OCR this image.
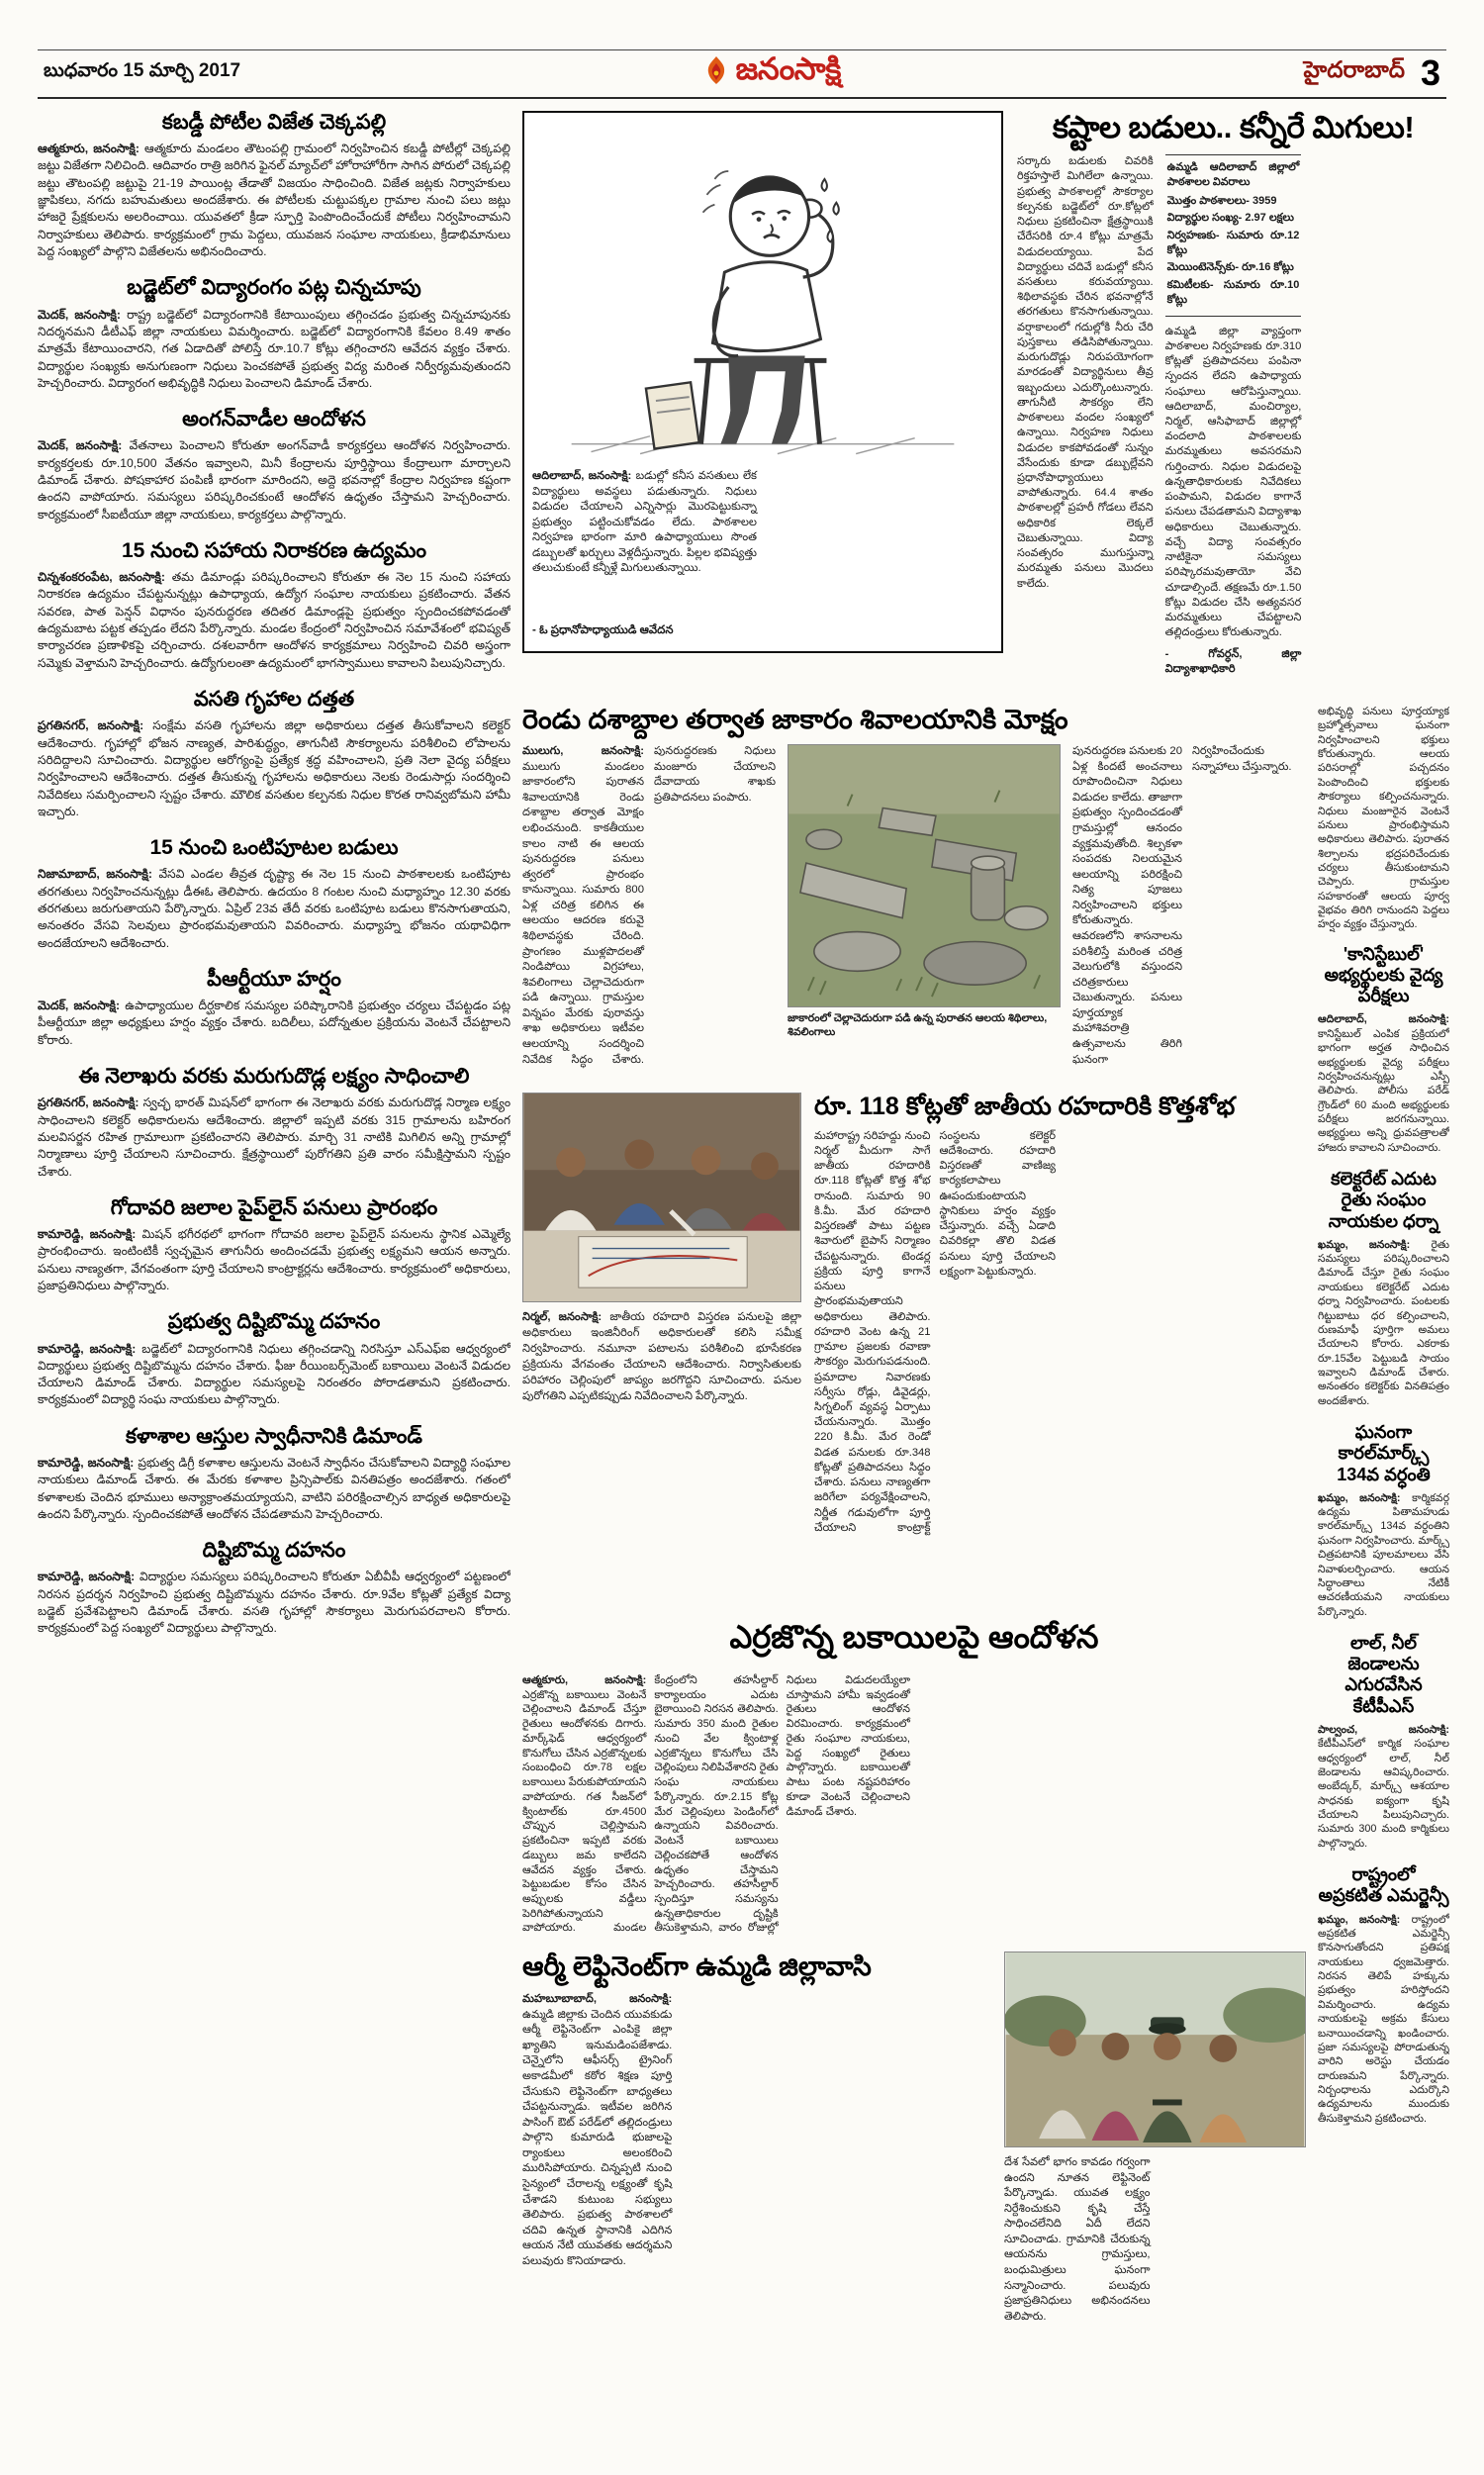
బుధవారం 15 మార్చి 2017	జనంసాక్షి	హైదరాబాద్ 3
కబడ్డీ పోటీల విజేత చెక్కపల్లి

ఆత్మకూరు, జనంసాక్షి: ఆత్మకూరు మండలం తౌటంపల్లి గ్రామంలో నిర్వహించిన కబడ్డీ పోటీల్లో చెక్కపల్లి జట్టు విజేతగా నిలిచింది. ఆదివారం రాత్రి జరిగిన ఫైనల్ మ్యాచ్‌లో హోరాహోరీగా సాగిన పోరులో చెక్కపల్లి జట్టు తౌటంపల్లి జట్టుపై 21-19 పాయింట్ల తేడాతో విజయం సాధించింది. విజేత జట్లకు నిర్వాహకులు జ్ఞాపికలు, నగదు బహుమతులు అందజేశారు. ఈ పోటీలకు చుట్టుపక్కల గ్రామాల నుంచి పలు జట్లు హాజరై ప్రేక్షకులను అలరించాయి. యువతలో క్రీడా స్ఫూర్తి పెంపొందించేందుకే పోటీలు నిర్వహించామని నిర్వాహకులు తెలిపారు. కార్యక్రమంలో గ్రామ పెద్దలు, యువజన సంఘాల నాయకులు, క్రీడాభిమానులు పెద్ద సంఖ్యలో పాల్గొని విజేతలను అభినందించారు.

బడ్జెట్‌లో విద్యారంగం పట్ల చిన్నచూపు

మెదక్, జనంసాక్షి: రాష్ట్ర బడ్జెట్‌లో విద్యారంగానికి కేటాయింపులు తగ్గించడం ప్రభుత్వ చిన్నచూపునకు నిదర్శనమని డీటీఎఫ్ జిల్లా నాయకులు విమర్శించారు. బడ్జెట్‌లో విద్యారంగానికి కేవలం 8.49 శాతం మాత్రమే కేటాయించారని, గత ఏడాదితో పోలిస్తే రూ.10.7 కోట్లు తగ్గించారని ఆవేదన వ్యక్తం చేశారు. విద్యార్థుల సంఖ్యకు అనుగుణంగా నిధులు పెంచకపోతే ప్రభుత్వ విద్య మరింత నిర్వీర్యమవుతుందని హెచ్చరించారు. విద్యారంగ అభివృద్ధికి నిధులు పెంచాలని డిమాండ్ చేశారు.

అంగన్‌వాడీల ఆందోళన

మెదక్, జనంసాక్షి: వేతనాలు పెంచాలని కోరుతూ అంగన్‌వాడీ కార్యకర్తలు ఆందోళన నిర్వహించారు. కార్యకర్తలకు రూ.10,500 వేతనం ఇవ్వాలని, మినీ కేంద్రాలను పూర్తిస్థాయి కేంద్రాలుగా మార్చాలని డిమాండ్ చేశారు. పోషకాహార పంపిణీ భారంగా మారిందని, అద్దె భవనాల్లో కేంద్రాల నిర్వహణ కష్టంగా ఉందని వాపోయారు. సమస్యలు పరిష్కరించకుంటే ఆందోళన ఉధృతం చేస్తామని హెచ్చరించారు. కార్యక్రమంలో సీఐటీయూ జిల్లా నాయకులు, కార్యకర్తలు పాల్గొన్నారు.

15 నుంచి సహాయ నిరాకరణ ఉద్యమం

చిన్నశంకరంపేట, జనంసాక్షి: తమ డిమాండ్లు పరిష్కరించాలని కోరుతూ ఈ నెల 15 నుంచి సహాయ నిరాకరణ ఉద్యమం చేపట్టనున్నట్లు ఉపాధ్యాయ, ఉద్యోగ సంఘాల నాయకులు ప్రకటించారు. వేతన సవరణ, పాత పెన్షన్ విధానం పునరుద్ధరణ తదితర డిమాండ్లపై ప్రభుత్వం స్పందించకపోవడంతో ఉద్యమబాట పట్టక తప్పడం లేదని పేర్కొన్నారు. మండల కేంద్రంలో నిర్వహించిన సమావేశంలో భవిష్యత్ కార్యాచరణ ప్రణాళికపై చర్చించారు. దశలవారీగా ఆందోళన కార్యక్రమాలు నిర్వహించి చివరి అస్త్రంగా సమ్మెకు వెళ్తామని హెచ్చరించారు. ఉద్యోగులంతా ఉద్యమంలో భాగస్వాములు కావాలని పిలుపునిచ్చారు.

వసతి గృహాల దత్తత

ప్రగతినగర్, జనంసాక్షి: సంక్షేమ వసతి గృహాలను జిల్లా అధికారులు దత్తత తీసుకోవాలని కలెక్టర్ ఆదేశించారు. గృహాల్లో భోజన నాణ్యత, పారిశుద్ధ్యం, తాగునీటి సౌకర్యాలను పరిశీలించి లోపాలను సరిదిద్దాలని సూచించారు. విద్యార్థుల ఆరోగ్యంపై ప్రత్యేక శ్రద్ధ వహించాలని, ప్రతి నెలా వైద్య పరీక్షలు నిర్వహించాలని ఆదేశించారు. దత్తత తీసుకున్న గృహాలను అధికారులు నెలకు రెండుసార్లు సందర్శించి నివేదికలు సమర్పించాలని స్పష్టం చేశారు. మౌలిక వసతుల కల్పనకు నిధుల కొరత రానివ్వబోమని హామీ ఇచ్చారు.

15 నుంచి ఒంటిపూటల బడులు

నిజామాబాద్, జనంసాక్షి: వేసవి ఎండల తీవ్రత దృష్ట్యా ఈ నెల 15 నుంచి పాఠశాలలకు ఒంటిపూట తరగతులు నిర్వహించనున్నట్లు డీఈఓ తెలిపారు. ఉదయం 8 గంటల నుంచి మధ్యాహ్నం 12.30 వరకు తరగతులు జరుగుతాయని పేర్కొన్నారు. ఏప్రిల్ 23వ తేదీ వరకు ఒంటిపూట బడులు కొనసాగుతాయని, అనంతరం వేసవి సెలవులు ప్రారంభమవుతాయని వివరించారు. మధ్యాహ్న భోజనం యథావిధిగా అందజేయాలని ఆదేశించారు.

పీఆర్టీయూ హర్షం

మెదక్, జనంసాక్షి: ఉపాధ్యాయుల దీర్ఘకాలిక సమస్యల పరిష్కారానికి ప్రభుత్వం చర్యలు చేపట్టడం పట్ల పీఆర్టీయూ జిల్లా అధ్యక్షులు హర్షం వ్యక్తం చేశారు. బదిలీలు, పదోన్నతుల ప్రక్రియను వెంటనే చేపట్టాలని కోరారు.

ఈ నెలాఖరు వరకు మరుగుదొడ్ల లక్ష్యం సాధించాలి

ప్రగతినగర్, జనంసాక్షి: స్వచ్ఛ భారత్ మిషన్‌లో భాగంగా ఈ నెలాఖరు వరకు మరుగుదొడ్ల నిర్మాణ లక్ష్యం సాధించాలని కలెక్టర్ అధికారులను ఆదేశించారు. జిల్లాలో ఇప్పటి వరకు 315 గ్రామాలను బహిరంగ మలవిసర్జన రహిత గ్రామాలుగా ప్రకటించారని తెలిపారు. మార్చి 31 నాటికి మిగిలిన అన్ని గ్రామాల్లో నిర్మాణాలు పూర్తి చేయాలని సూచించారు. క్షేత్రస్థాయిలో పురోగతిని ప్రతి వారం సమీక్షిస్తామని స్పష్టం చేశారు.

గోదావరి జలాల పైప్‌లైన్ పనులు ప్రారంభం

కామారెడ్డి, జనంసాక్షి: మిషన్ భగీరథలో భాగంగా గోదావరి జలాల పైప్‌లైన్ పనులను స్థానిక ఎమ్మెల్యే ప్రారంభించారు. ఇంటింటికీ స్వచ్ఛమైన తాగునీరు అందించడమే ప్రభుత్వ లక్ష్యమని ఆయన అన్నారు. పనులు నాణ్యతగా, వేగవంతంగా పూర్తి చేయాలని కాంట్రాక్టర్లను ఆదేశించారు. కార్యక్రమంలో అధికారులు, ప్రజాప్రతినిధులు పాల్గొన్నారు.

ప్రభుత్వ దిష్టిబొమ్మ దహనం

కామారెడ్డి, జనంసాక్షి: బడ్జెట్‌లో విద్యారంగానికి నిధులు తగ్గించడాన్ని నిరసిస్తూ ఎస్ఎఫ్ఐ ఆధ్వర్యంలో విద్యార్థులు ప్రభుత్వ దిష్టిబొమ్మను దహనం చేశారు. ఫీజు రీయింబర్స్‌మెంట్ బకాయిలు వెంటనే విడుదల చేయాలని డిమాండ్ చేశారు. విద్యార్థుల సమస్యలపై నిరంతరం పోరాడతామని ప్రకటించారు. కార్యక్రమంలో విద్యార్థి సంఘ నాయకులు పాల్గొన్నారు.

కళాశాల ఆస్తుల స్వాధీనానికి డిమాండ్

కామారెడ్డి, జనంసాక్షి: ప్రభుత్వ డిగ్రీ కళాశాల ఆస్తులను వెంటనే స్వాధీనం చేసుకోవాలని విద్యార్థి సంఘాల నాయకులు డిమాండ్ చేశారు. ఈ మేరకు కళాశాల ప్రిన్సిపాల్‌కు వినతిపత్రం అందజేశారు. గతంలో కళాశాలకు చెందిన భూములు అన్యాక్రాంతమయ్యాయని, వాటిని పరిరక్షించాల్సిన బాధ్యత అధికారులపై ఉందని పేర్కొన్నారు. స్పందించకపోతే ఆందోళన చేపడతామని హెచ్చరించారు.

దిష్టిబొమ్మ దహనం

కామారెడ్డి, జనంసాక్షి: విద్యార్థుల సమస్యలు పరిష్కరించాలని కోరుతూ ఏబీవీపీ ఆధ్వర్యంలో పట్టణంలో నిరసన ప్రదర్శన నిర్వహించి ప్రభుత్వ దిష్టిబొమ్మను దహనం చేశారు. రూ.9వేల కోట్లతో ప్రత్యేక విద్యా బడ్జెట్ ప్రవేశపెట్టాలని డిమాండ్ చేశారు. వసతి గృహాల్లో సౌకర్యాలు మెరుగుపరచాలని కోరారు. కార్యక్రమంలో పెద్ద సంఖ్యలో విద్యార్థులు పాల్గొన్నారు.

ఆదిలాబాద్, జనంసాక్షి: బడుల్లో కనీస వసతులు లేక విద్యార్థులు అవస్థలు పడుతున్నారు. నిధులు విడుదల చేయాలని ఎన్నిసార్లు మొరపెట్టుకున్నా ప్రభుత్వం పట్టించుకోవడం లేదు. పాఠశాలల నిర్వహణ భారంగా మారి ఉపాధ్యాయులు సొంత డబ్బులతో ఖర్చులు వెళ్లదీస్తున్నారు. పిల్లల భవిష్యత్తు తలుచుకుంటే కన్నీళ్లే మిగులుతున్నాయి.
- ఓ ప్రధానోపాధ్యాయుడి ఆవేదన
కష్టాల బడులు.. కన్నీరే మిగులు!

సర్కారు బడులకు చివరికి రిక్తహస్తాలే మిగిలేలా ఉన్నాయి. ప్రభుత్వ పాఠశాలల్లో సౌకర్యాల కల్పనకు బడ్జెట్‌లో రూ.కోట్లలో నిధులు ప్రకటించినా క్షేత్రస్థాయికి చేరేసరికి రూ.4 కోట్లు మాత్రమే విడుదలయ్యాయి. పేద విద్యార్థులు చదివే బడుల్లో కనీస వసతులు కరువయ్యాయి. శిథిలావస్థకు చేరిన భవనాల్లోనే తరగతులు కొనసాగుతున్నాయి. వర్షాకాలంలో గదుల్లోకి నీరు చేరి పుస్తకాలు తడిసిపోతున్నాయి. మరుగుదొడ్లు నిరుపయోగంగా మారడంతో విద్యార్థినులు తీవ్ర ఇబ్బందులు ఎదుర్కొంటున్నారు. తాగునీటి సౌకర్యం లేని పాఠశాలలు వందల సంఖ్యలో ఉన్నాయి. నిర్వహణ నిధులు విడుదల కాకపోవడంతో సున్నం వేసేందుకు కూడా డబ్బుల్లేవని ప్రధానోపాధ్యాయులు వాపోతున్నారు. 64.4 శాతం పాఠశాలల్లో ప్రహరీ గోడలు లేవని అధికారిక లెక్కలే చెబుతున్నాయి. విద్యా సంవత్సరం ముగుస్తున్నా మరమ్మతు పనులు మొదలు కాలేదు.

ఉమ్మడి ఆదిలాబాద్ జిల్లాలో పాఠశాలల వివరాలు
మొత్తం పాఠశాలలు- 3959
విద్యార్థుల సంఖ్య- 2.97 లక్షలు
నిర్వహణకు- సుమారు రూ.12 కోట్లు
మెయింటెనెన్స్‌కు- రూ.16 కోట్లు
కమిటీలకు- సుమారు రూ.10 కోట్లు

ఉమ్మడి జిల్లా వ్యాప్తంగా పాఠశాలల నిర్వహణకు రూ.310 కోట్లతో ప్రతిపాదనలు పంపినా స్పందన లేదని ఉపాధ్యాయ సంఘాలు ఆరోపిస్తున్నాయి. ఆదిలాబాద్, మంచిర్యాల, నిర్మల్, ఆసిఫాబాద్ జిల్లాల్లో వందలాది పాఠశాలలకు మరమ్మతులు అవసరమని గుర్తించారు. నిధుల విడుదలపై ఉన్నతాధికారులకు నివేదికలు పంపామని, విడుదల కాగానే పనులు చేపడతామని విద్యాశాఖ అధికారులు చెబుతున్నారు. వచ్చే విద్యా సంవత్సరం నాటికైనా సమస్యలు పరిష్కారమవుతాయో వేచి చూడాల్సిందే. తక్షణమే రూ.1.50 కోట్లు విడుదల చేసి అత్యవసర మరమ్మతులు చేపట్టాలని తల్లిదండ్రులు కోరుతున్నారు.

- గోవర్ధన్, జిల్లా విద్యాశాఖాధికారి
రెండు దశాబ్దాల తర్వాత జాకారం శివాలయానికి మోక్షం
ములుగు, జనంసాక్షి: ములుగు మండలం జాకారంలోని పురాతన శివాలయానికి రెండు దశాబ్దాల తర్వాత మోక్షం లభించనుంది. కాకతీయుల కాలం నాటి ఈ ఆలయ పునరుద్ధరణ పనులు త్వరలో ప్రారంభం కానున్నాయి. సుమారు 800 ఏళ్ల చరిత్ర కలిగిన ఈ ఆలయం ఆదరణ కరువై శిథిలావస్థకు చేరింది. ప్రాంగణం ముళ్లపొదలతో నిండిపోయి విగ్రహాలు, శివలింగాలు చెల్లాచెదురుగా పడి ఉన్నాయి. గ్రామస్తుల విన్నపం మేరకు పురావస్తు శాఖ అధికారులు ఇటీవల ఆలయాన్ని సందర్శించి నివేదిక సిద్ధం చేశారు. పునరుద్ధరణకు నిధులు మంజూరు చేయాలని దేవాదాయ శాఖకు ప్రతిపాదనలు పంపారు.
జాకారంలో చెల్లాచెదురుగా పడి ఉన్న పురాతన ఆలయ శిథిలాలు, శివలింగాలు
పునరుద్ధరణ పనులకు 20 ఏళ్ల కిందటే అంచనాలు రూపొందించినా నిధులు విడుదల కాలేదు. తాజాగా ప్రభుత్వం స్పందించడంతో గ్రామస్తుల్లో ఆనందం వ్యక్తమవుతోంది. శిల్పకళా సంపదకు నిలయమైన ఆలయాన్ని పరిరక్షించి నిత్య పూజలు నిర్వహించాలని భక్తులు కోరుతున్నారు. ఆవరణలోని శాసనాలను పరిశీలిస్తే మరింత చరిత్ర వెలుగులోకి వస్తుందని చరిత్రకారులు చెబుతున్నారు. పనులు పూర్తయ్యాక మహాశివరాత్రి ఉత్సవాలను తిరిగి ఘనంగా నిర్వహించేందుకు సన్నాహాలు చేస్తున్నారు.

నిర్మల్, జనంసాక్షి: జాతీయ రహదారి విస్తరణ పనులపై జిల్లా అధికారులు ఇంజినీరింగ్ అధికారులతో కలిసి సమీక్ష నిర్వహించారు. నమూనా పటాలను పరిశీలించి భూసేకరణ ప్రక్రియను వేగవంతం చేయాలని ఆదేశించారు. నిర్వాసితులకు పరిహారం చెల్లింపులో జాప్యం జరగొద్దని సూచించారు. పనుల పురోగతిని ఎప్పటికప్పుడు నివేదించాలని పేర్కొన్నారు.

రూ. 118 కోట్లతో జాతీయ రహదారికి కొత్తశోభ
మహారాష్ట్ర సరిహద్దు నుంచి నిర్మల్ మీదుగా సాగే జాతీయ రహదారికి రూ.118 కోట్లతో కొత్త శోభ రానుంది. సుమారు 90 కి.మీ. మేర రహదారి విస్తరణతో పాటు పట్టణ శివారులో బైపాస్ నిర్మాణం చేపట్టనున్నారు. టెండర్ల ప్రక్రియ పూర్తి కాగానే పనులు ప్రారంభమవుతాయని అధికారులు తెలిపారు. రహదారి వెంట ఉన్న 21 గ్రామాల ప్రజలకు రవాణా సౌకర్యం మెరుగుపడనుంది. ప్రమాదాల నివారణకు సర్వీసు రోడ్లు, డివైడర్లు, సిగ్నలింగ్ వ్యవస్థ ఏర్పాటు చేయనున్నారు. మొత్తం 220 కి.మీ. మేర రెండో విడత పనులకు రూ.348 కోట్లతో ప్రతిపాదనలు సిద్ధం చేశారు. పనులు నాణ్యతగా జరిగేలా పర్యవేక్షించాలని, నిర్ణీత గడువులోగా పూర్తి చేయాలని కాంట్రాక్ట్ సంస్థలను కలెక్టర్ ఆదేశించారు. రహదారి విస్తరణతో వాణిజ్య కార్యకలాపాలు ఊపందుకుంటాయని స్థానికులు హర్షం వ్యక్తం చేస్తున్నారు. వచ్చే ఏడాది చివరికల్లా తొలి విడత పనులు పూర్తి చేయాలని లక్ష్యంగా పెట్టుకున్నారు.
ఎర్రజొన్న బకాయిలపై ఆందోళన
ఆత్మకూరు, జనంసాక్షి: ఎర్రజొన్న బకాయిలు వెంటనే చెల్లించాలని డిమాండ్ చేస్తూ రైతులు ఆందోళనకు దిగారు. మార్క్‌ఫెడ్ ఆధ్వర్యంలో కొనుగోలు చేసిన ఎర్రజొన్నలకు సంబంధించి రూ.78 లక్షల బకాయిలు పేరుకుపోయాయని వాపోయారు. గత సీజన్‌లో క్వింటాల్‌కు రూ.4500 చొప్పున చెల్లిస్తామని ప్రకటించినా ఇప్పటి వరకు డబ్బులు జమ కాలేదని ఆవేదన వ్యక్తం చేశారు. పెట్టుబడుల కోసం చేసిన అప్పులకు వడ్డీలు పెరిగిపోతున్నాయని వాపోయారు. మండల కేంద్రంలోని తహసీల్దార్ కార్యాలయం ఎదుట బైఠాయించి నిరసన తెలిపారు. సుమారు 350 మంది రైతుల నుంచి వేల క్వింటాళ్ల ఎర్రజొన్నలు కొనుగోలు చేసి చెల్లింపులు నిలిపివేశారని రైతు సంఘ నాయకులు పేర్కొన్నారు. రూ.2.15 కోట్ల మేర చెల్లింపులు పెండింగ్‌లో ఉన్నాయని వివరించారు. వెంటనే బకాయిలు చెల్లించకపోతే ఆందోళన ఉధృతం చేస్తామని హెచ్చరించారు. తహసీల్దార్ స్పందిస్తూ సమస్యను ఉన్నతాధికారుల దృష్టికి తీసుకెళ్తామని, వారం రోజుల్లో నిధులు విడుదలయ్యేలా చూస్తామని హామీ ఇవ్వడంతో రైతులు ఆందోళన విరమించారు. కార్యక్రమంలో రైతు సంఘాల నాయకులు, పెద్ద సంఖ్యలో రైతులు పాల్గొన్నారు. బకాయిలతో పాటు పంట నష్టపరిహారం కూడా వెంటనే చెల్లించాలని డిమాండ్ చేశారు.
ఆర్మీ లెఫ్టినెంట్‌గా ఉమ్మడి జిల్లావాసి
మహబూబాబాద్, జనంసాక్షి: ఉమ్మడి జిల్లాకు చెందిన యువకుడు ఆర్మీ లెఫ్టినెంట్‌గా ఎంపికై జిల్లా ఖ్యాతిని ఇనుమడింపజేశాడు. చెన్నైలోని ఆఫీసర్స్ ట్రైనింగ్ అకాడమీలో కఠోర శిక్షణ పూర్తి చేసుకుని లెఫ్టినెంట్‌గా బాధ్యతలు చేపట్టనున్నాడు. ఇటీవల జరిగిన పాసింగ్ ఔట్ పరేడ్‌లో తల్లిదండ్రులు పాల్గొని కుమారుడి భుజాలపై ర్యాంకులు అలంకరించి మురిసిపోయారు. చిన్నప్పటి నుంచి సైన్యంలో చేరాలన్న లక్ష్యంతో కృషి చేశాడని కుటుంబ సభ్యులు తెలిపారు. ప్రభుత్వ పాఠశాలలో చదివి ఉన్నత స్థానానికి ఎదిగిన ఆయన నేటి యువతకు ఆదర్శమని పలువురు కొనియాడారు.
దేశ సేవలో భాగం కావడం గర్వంగా ఉందని నూతన లెఫ్టినెంట్ పేర్కొన్నాడు. యువత లక్ష్యం నిర్దేశించుకుని కృషి చేస్తే సాధించలేనిది ఏదీ లేదని సూచించాడు. గ్రామానికి చేరుకున్న ఆయనను గ్రామస్తులు, బంధుమిత్రులు ఘనంగా సన్మానించారు. పలువురు ప్రజాప్రతినిధులు అభినందనలు తెలిపారు.
అభివృద్ధి పనులు పూర్తయ్యాక బ్రహ్మోత్సవాలు ఘనంగా నిర్వహించాలని భక్తులు కోరుతున్నారు. ఆలయ పరిసరాల్లో పచ్చదనం పెంపొందించి భక్తులకు సౌకర్యాలు కల్పించనున్నారు. నిధులు మంజూరైన వెంటనే పనులు ప్రారంభిస్తామని అధికారులు తెలిపారు. పురాతన శిల్పాలను భద్రపరిచేందుకు చర్యలు తీసుకుంటామని చెప్పారు. గ్రామస్తుల సహకారంతో ఆలయ పూర్వ వైభవం తిరిగి రానుందని పెద్దలు హర్షం వ్యక్తం చేస్తున్నారు.
'కానిస్టేబుల్' అభ్యర్థులకు వైద్య పరీక్షలు

ఆదిలాబాద్, జనంసాక్షి: కానిస్టేబుల్ ఎంపిక ప్రక్రియలో భాగంగా అర్హత సాధించిన అభ్యర్థులకు వైద్య పరీక్షలు నిర్వహించనున్నట్లు ఎస్పీ తెలిపారు. పోలీసు పరేడ్ గ్రౌండ్‌లో 60 మంది అభ్యర్థులకు పరీక్షలు జరగనున్నాయి. అభ్యర్థులు అన్ని ధ్రువపత్రాలతో హాజరు కావాలని సూచించారు.

కలెక్టరేట్ ఎదుట రైతు సంఘం నాయకుల ధర్నా

ఖమ్మం, జనంసాక్షి: రైతు సమస్యలు పరిష్కరించాలని డిమాండ్ చేస్తూ రైతు సంఘం నాయకులు కలెక్టరేట్ ఎదుట ధర్నా నిర్వహించారు. పంటలకు గిట్టుబాటు ధర కల్పించాలని, రుణమాఫీ పూర్తిగా అమలు చేయాలని కోరారు. ఎకరాకు రూ.15వేల పెట్టుబడి సాయం ఇవ్వాలని డిమాండ్ చేశారు. అనంతరం కలెక్టర్‌కు వినతిపత్రం అందజేశారు.

ఘనంగా కారల్‌మార్క్స్ 134వ వర్ధంతి

ఖమ్మం, జనంసాక్షి: కార్మికవర్గ ఉద్యమ పితామహుడు కారల్‌మార్క్స్ 134వ వర్ధంతిని ఘనంగా నిర్వహించారు. మార్క్స్ చిత్రపటానికి పూలమాలలు వేసి నివాళులర్పించారు. ఆయన సిద్ధాంతాలు నేటికీ ఆచరణీయమని నాయకులు పేర్కొన్నారు.

లాల్, నీల్ జెండాలను ఎగురవేసిన కేటీపీఎస్

పాల్వంచ, జనంసాక్షి: కేటీపీఎస్‌లో కార్మిక సంఘాల ఆధ్వర్యంలో లాల్, నీల్ జెండాలను ఆవిష్కరించారు. అంబేద్కర్, మార్క్స్ ఆశయాల సాధనకు ఐక్యంగా కృషి చేయాలని పిలుపునిచ్చారు. సుమారు 300 మంది కార్మికులు పాల్గొన్నారు.

రాష్ట్రంలో అప్రకటిత ఎమర్జెన్సీ

ఖమ్మం, జనంసాక్షి: రాష్ట్రంలో అప్రకటిత ఎమర్జెన్సీ కొనసాగుతోందని ప్రతిపక్ష నాయకులు ధ్వజమెత్తారు. నిరసన తెలిపే హక్కును ప్రభుత్వం హరిస్తోందని విమర్శించారు. ఉద్యమ నాయకులపై అక్రమ కేసులు బనాయించడాన్ని ఖండించారు. ప్రజా సమస్యలపై పోరాడుతున్న వారిని అరెస్టు చేయడం దారుణమని పేర్కొన్నారు. నిర్బంధాలను ఎదుర్కొని ఉద్యమాలను ముందుకు తీసుకెళ్తామని ప్రకటించారు.
